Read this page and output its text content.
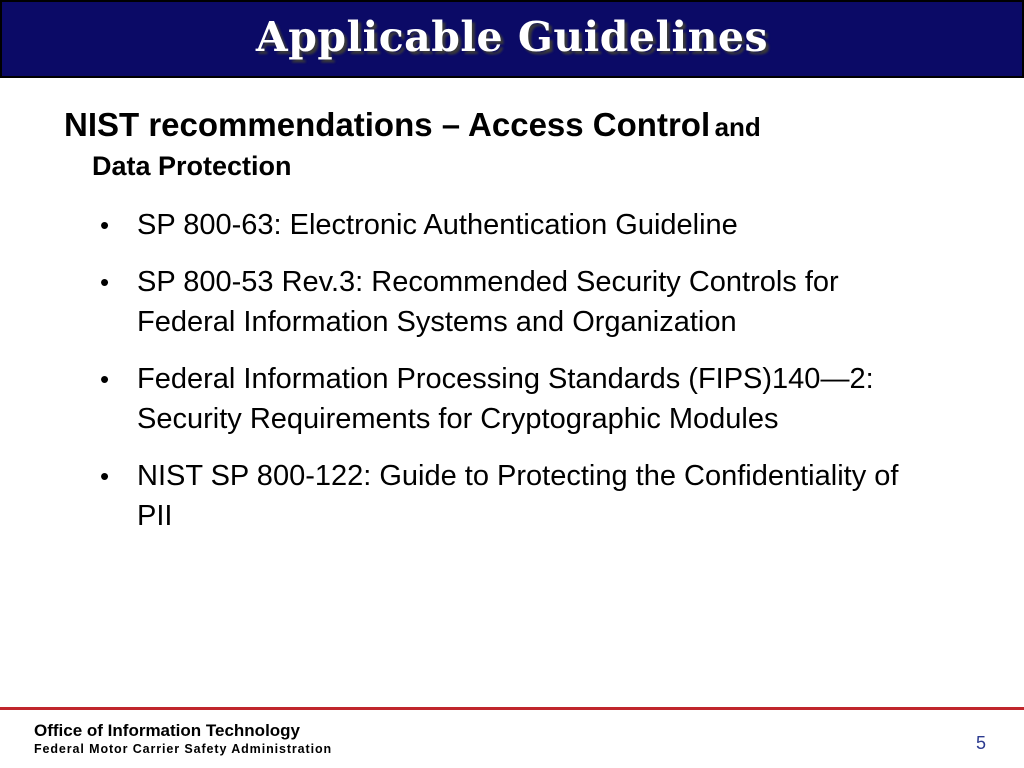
Applicable Guidelines
NIST recommendations – Access Control and
Data Protection
• SP 800-63: Electronic Authentication Guideline
• SP 800-53 Rev.3: Recommended Security Controls for Federal Information Systems and Organization
• Federal Information Processing Standards (FIPS)140—2: Security Requirements for Cryptographic Modules
• NIST SP 800-122: Guide to Protecting the Confidentiality of PII
Office of Information Technology
Federal Motor Carrier Safety Administration	5
